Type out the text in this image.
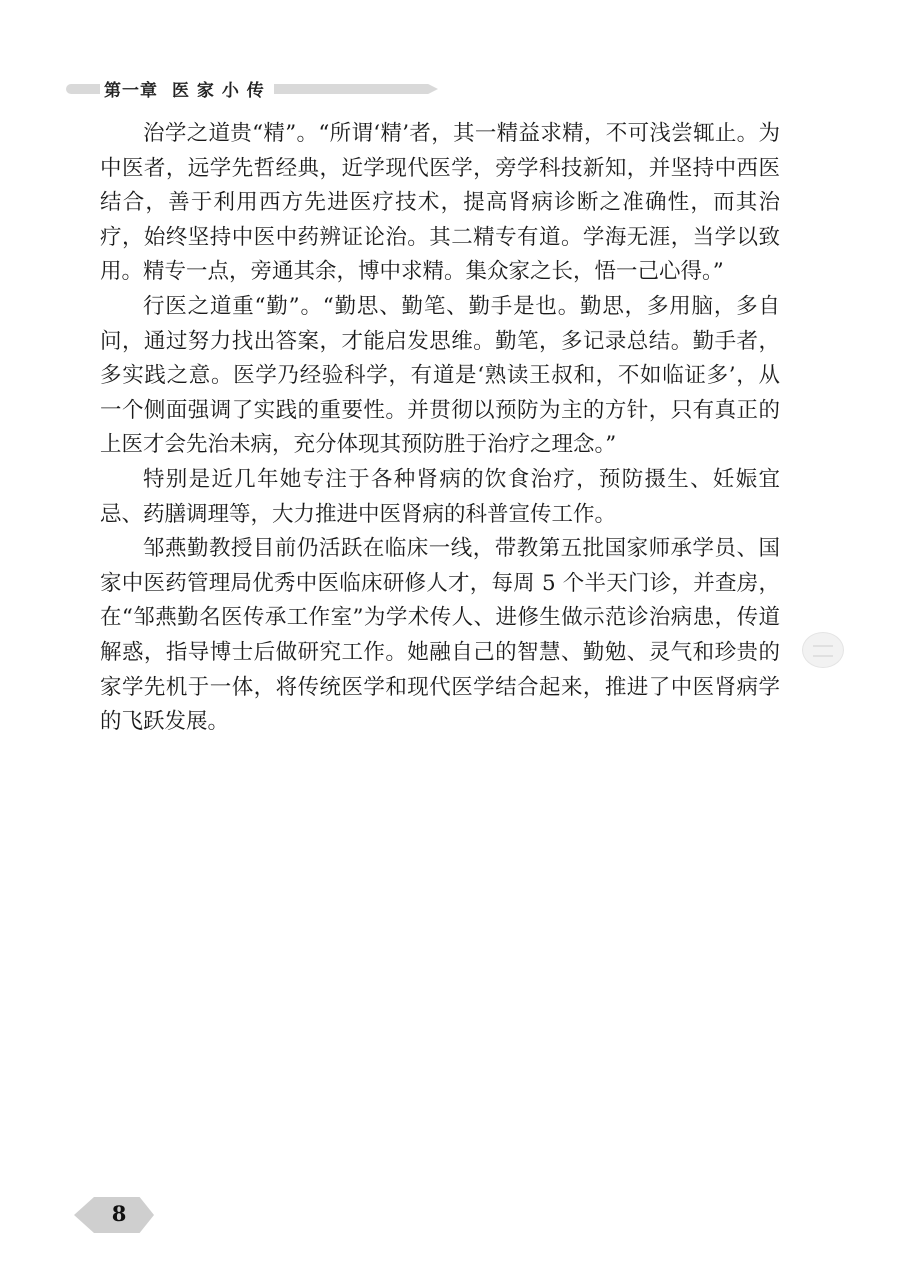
第一章 医 家 小 传

治学之道贵“精”。“所谓‘精’者，其一精益求精，不可浅尝辄止。为中医者，远学先哲经典，近学现代医学，旁学科技新知，并坚持中西医结合，善于利用西方先进医疗技术，提高肾病诊断之准确性，而其治疗，始终坚持中医中药辨证论治。其二精专有道。学海无涯，当学以致用。精专一点，旁通其余，博中求精。集众家之长，悟一己心得。”

行医之道重“勤”。“勤思、勤笔、勤手是也。勤思，多用脑，多自问，通过努力找出答案，才能启发思维。勤笔，多记录总结。勤手者，多实践之意。医学乃经验科学，有道是‘熟读王叔和，不如临证多’，从一个侧面强调了实践的重要性。并贯彻以预防为主的方针，只有真正的上医才会先治未病，充分体现其预防胜于治疗之理念。”

特别是近几年她专注于各种肾病的饮食治疗，预防摄生、妊娠宜忌、药膳调理等，大力推进中医肾病的科普宣传工作。

邹燕勤教授目前仍活跃在临床一线，带教第五批国家师承学员、国家中医药管理局优秀中医临床研修人才，每周 5 个半天门诊，并查房，在“邹燕勤名医传承工作室”为学术传人、进修生做示范诊治病患，传道解惑，指导博士后做研究工作。她融自己的智慧、勤勉、灵气和珍贵的家学先机于一体，将传统医学和现代医学结合起来，推进了中医肾病学的飞跃发展。

8
